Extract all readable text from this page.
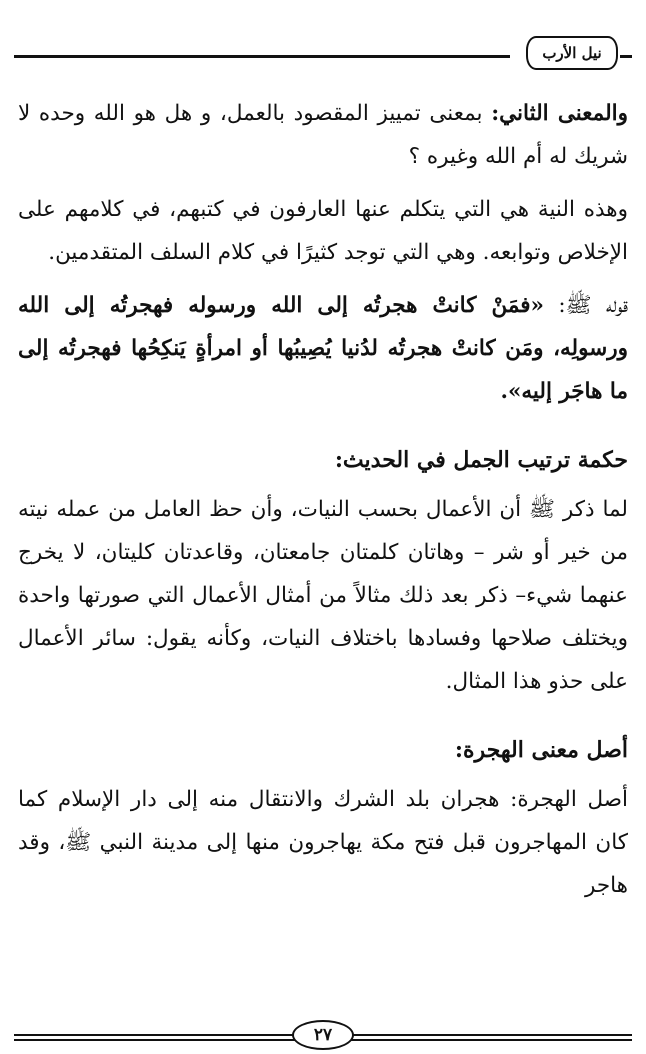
نيل الأرب

والمعنى الثاني: بمعنى تمييز المقصود بالعمل، و هل هو الله وحده لا شريك له أم الله وغيره ؟

وهذه النية هي التي يتكلم عنها العارفون في كتبهم، في كلامهم على الإخلاص وتوابعه. وهي التي توجد كثيرًا في كلام السلف المتقدمين.

قوله ﷺ: «فمَنْ كانتْ هجرتُه إلى الله ورسوله فهجرتُه إلى الله ورسولِه، ومَن كانتْ هجرتُه لدُنيا يُصِيبُها أو امرأةٍ يَنكِحُها فهجرتُه إلى ما هاجَر إليه».

حكمة ترتيب الجمل في الحديث:

لما ذكر ﷺ أن الأعمال بحسب النيات، وأن حظ العامل من عمله نيته من خير أو شر – وهاتان كلمتان جامعتان، وقاعدتان كليتان، لا يخرج عنهما شيء– ذكر بعد ذلك مثالاً من أمثال الأعمال التي صورتها واحدة ويختلف صلاحها وفسادها باختلاف النيات، وكأنه يقول: سائر الأعمال على حذو هذا المثال.

أصل معنى الهجرة:

أصل الهجرة: هجران بلد الشرك والانتقال منه إلى دار الإسلام كما كان المهاجرون قبل فتح مكة يهاجرون منها إلى مدينة النبي ﷺ، وقد هاجر

٢٧
